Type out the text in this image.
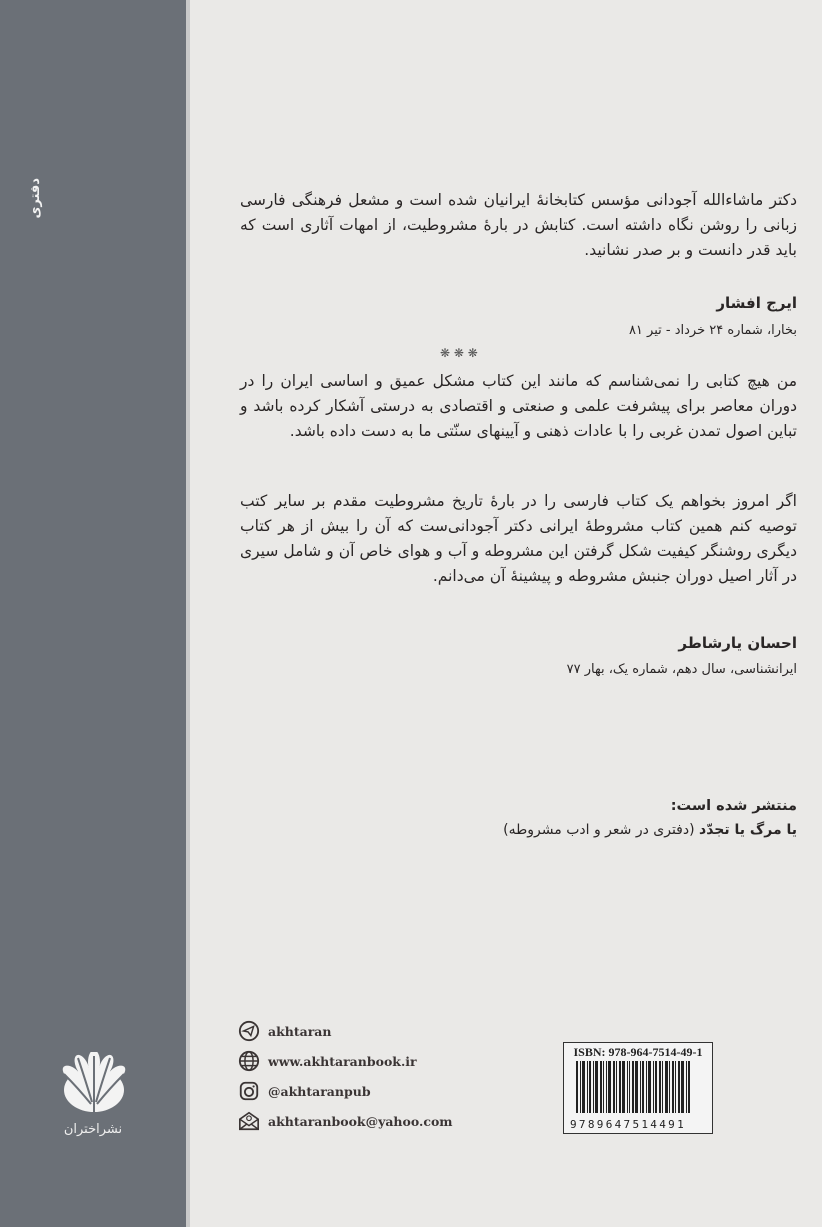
دفتری
نشراختران
دکتر ماشاءالله آجودانی مؤسس کتابخانهٔ ایرانیان شده است و مشعل فرهنگی فارسی زبانی را روشن نگاه داشته است. کتابش در بارهٔ مشروطیت، از امهات آثاری است که باید قدر دانست و بر صدر نشانید.
ایرج افشار
بخارا، شماره ۲۴ خرداد - تیر ۸۱
❋ ❋ ❋
من هیچ کتابی را نمی‌شناسم که مانند این کتاب مشکل عمیق و اساسی ایران را در دوران معاصر برای پیشرفت علمی و صنعتی و اقتصادی به درستی آشکار کرده باشد و تباین اصول تمدن غربی را با عادات ذهنی و آیینهای سنّتی ما به دست داده باشد.
اگر امروز بخواهم یک کتاب فارسی را در بارهٔ تاریخ مشروطیت مقدم بر سایر کتب توصیه کنم همین کتاب مشروطهٔ ایرانی دکتر آجودانی‌ست که آن را بیش از هر کتاب دیگری روشنگر کیفیت شکل گرفتن این مشروطه و آب و هوای خاص آن و شامل سیری در آثار اصیل دوران جنبش مشروطه و پیشینهٔ آن می‌دانم.
احسان یارشاطر
ایرانشناسی، سال دهم، شماره یک، بهار ۷۷
منتشر شده است:
یا مرگ یا تجدّد (دفتری در شعر و ادب مشروطه)
akhtaran
www.akhtaranbook.ir
@akhtaranpub
akhtaranbook@yahoo.com
ISBN: 978-964-7514-49-1
9789647514491
